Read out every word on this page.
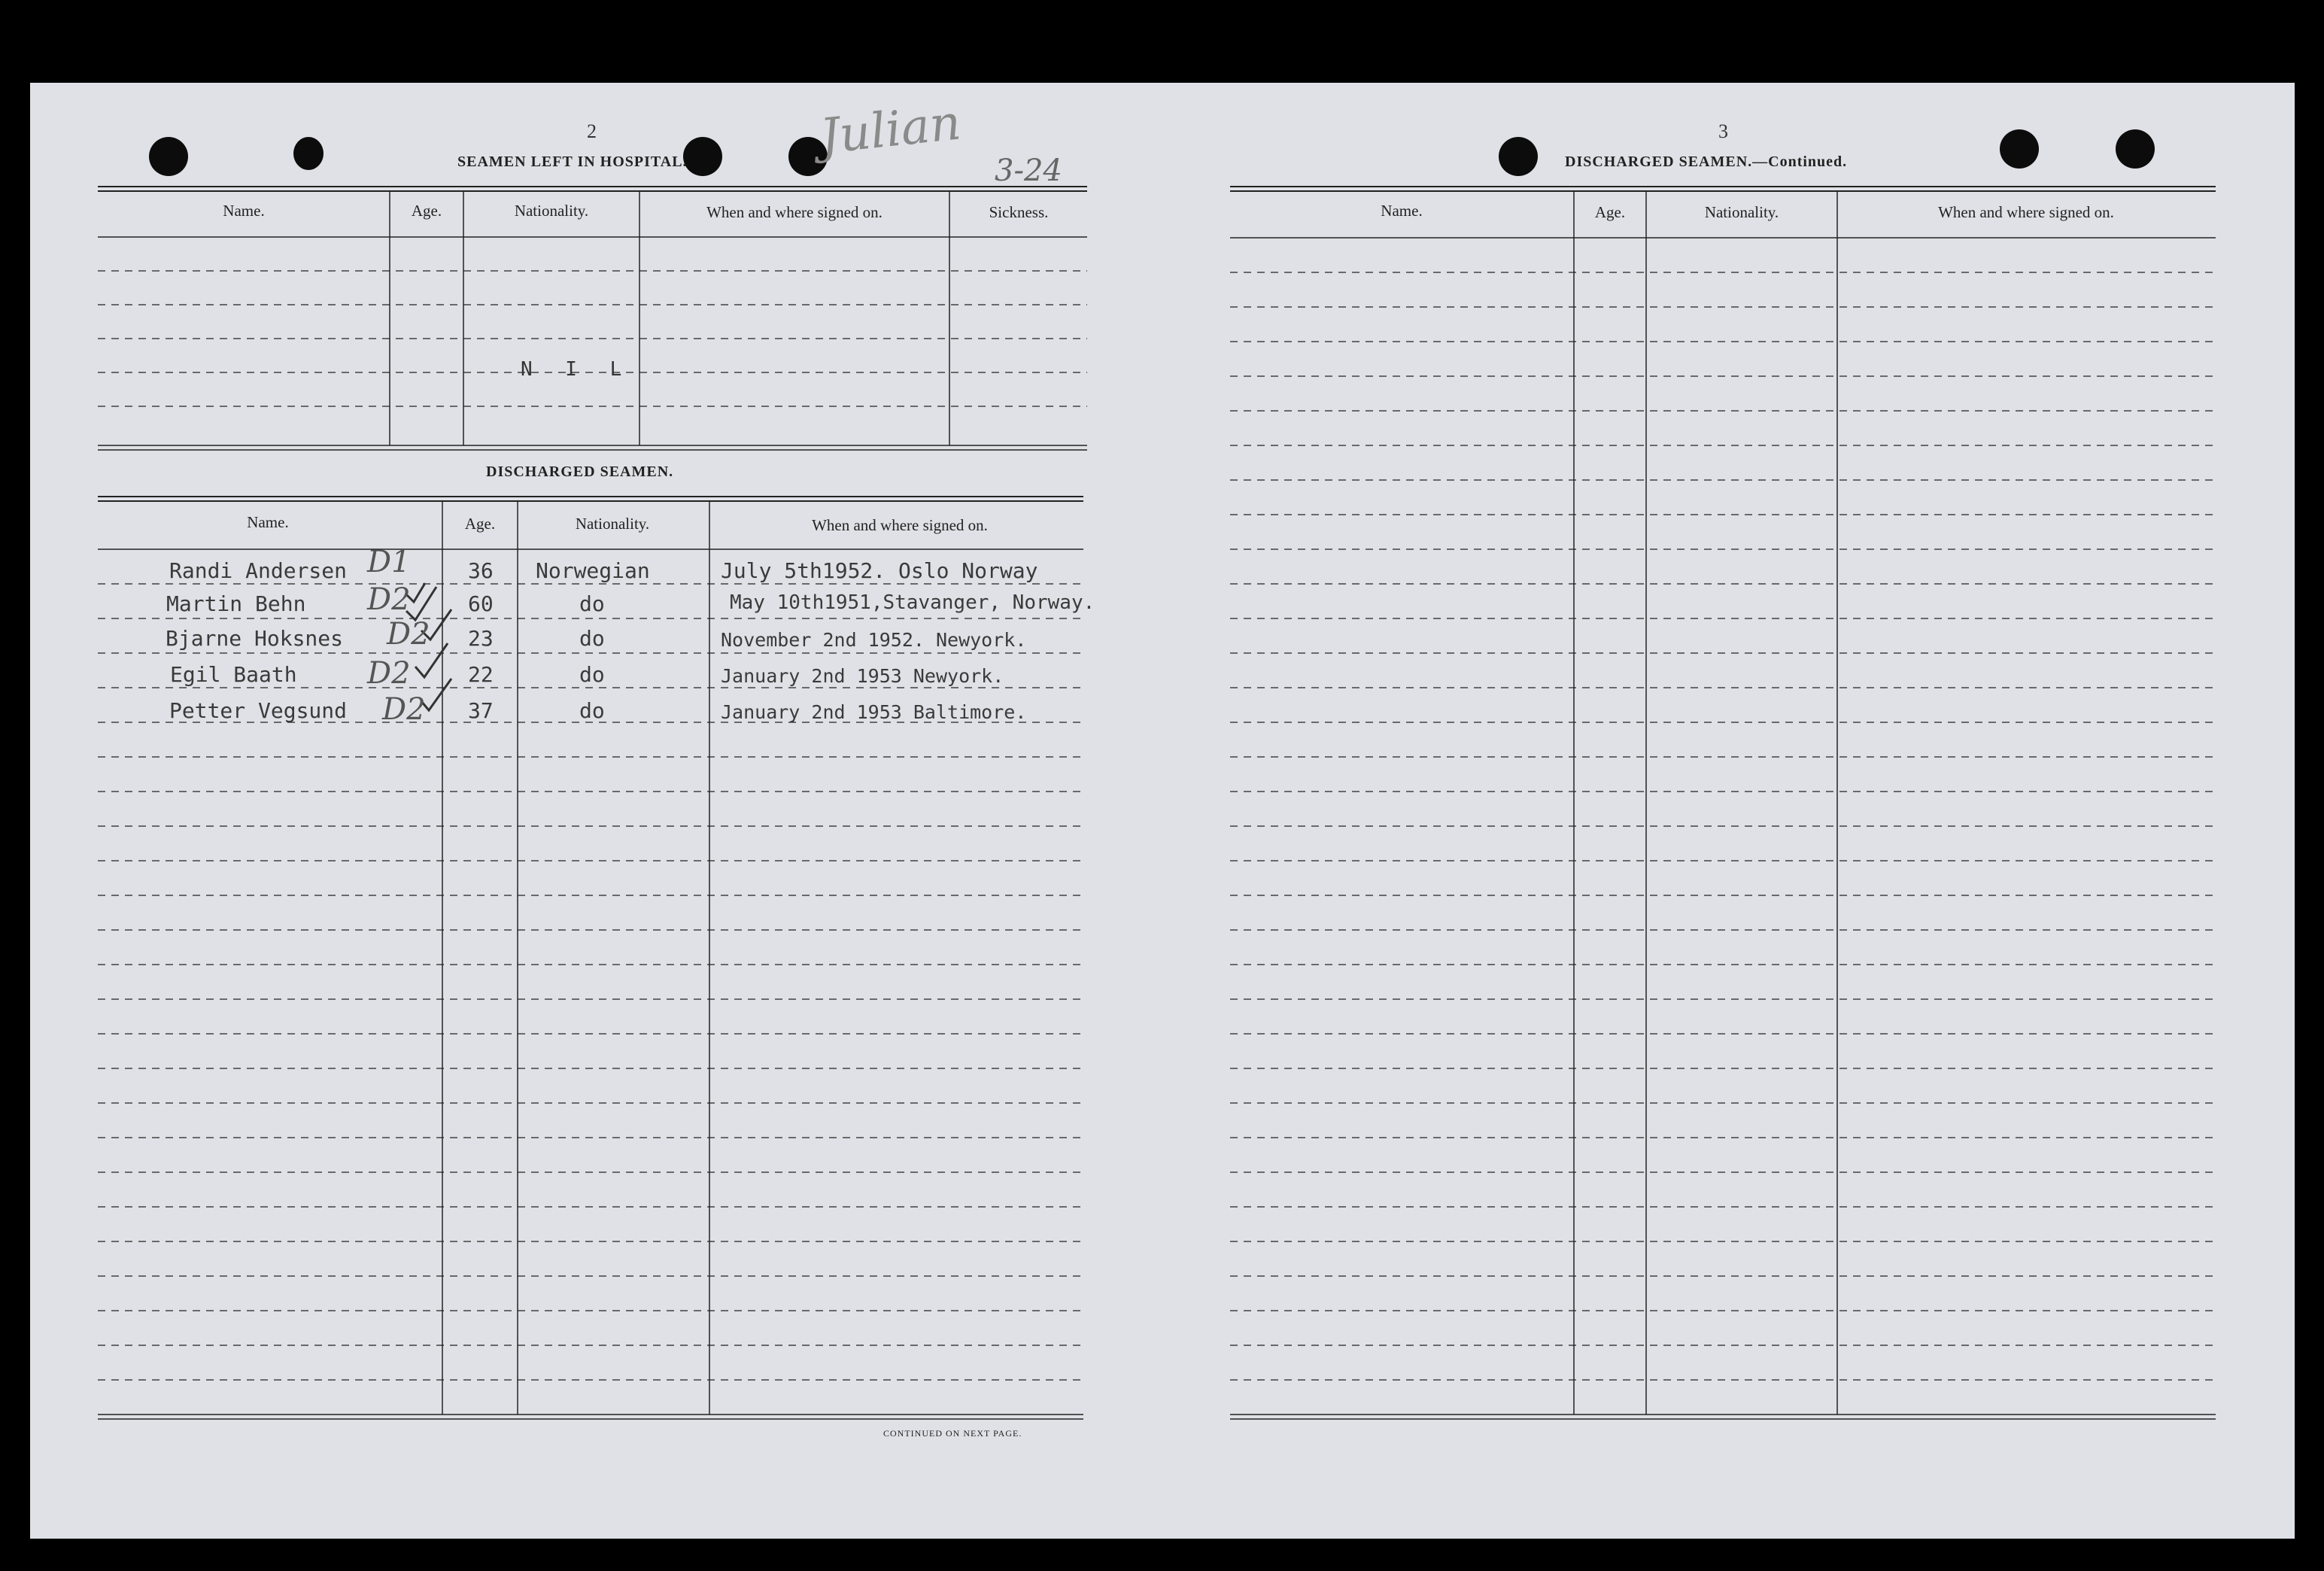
2
SEAMEN LEFT IN HOSPITAL.
Name.	Age.	Nationality.	When and where signed on.	Sickness.
N I L
DISCHARGED SEAMEN.
Name.	Age.	Nationality.	When and where signed on.
Randi Andersen	36 Norwegian	July 5th1952. Oslo Norway
D1
Martin Behn	60	do	May 10th1951,Stavanger, Norway.
D2
Bjarne Hoksnes	23	do	November 2nd 1952. Newyork.
D2
Egil Baath	22	do	January 2nd 1953 Newyork.
D2
Petter Vegsund	37	do	January 2nd 1953 Baltimore.
D2
CONTINUED ON NEXT PAGE.
Julian
3-24
3
DISCHARGED SEAMEN.—Continued.
Name.	Age.	Nationality.	When and where signed on.
